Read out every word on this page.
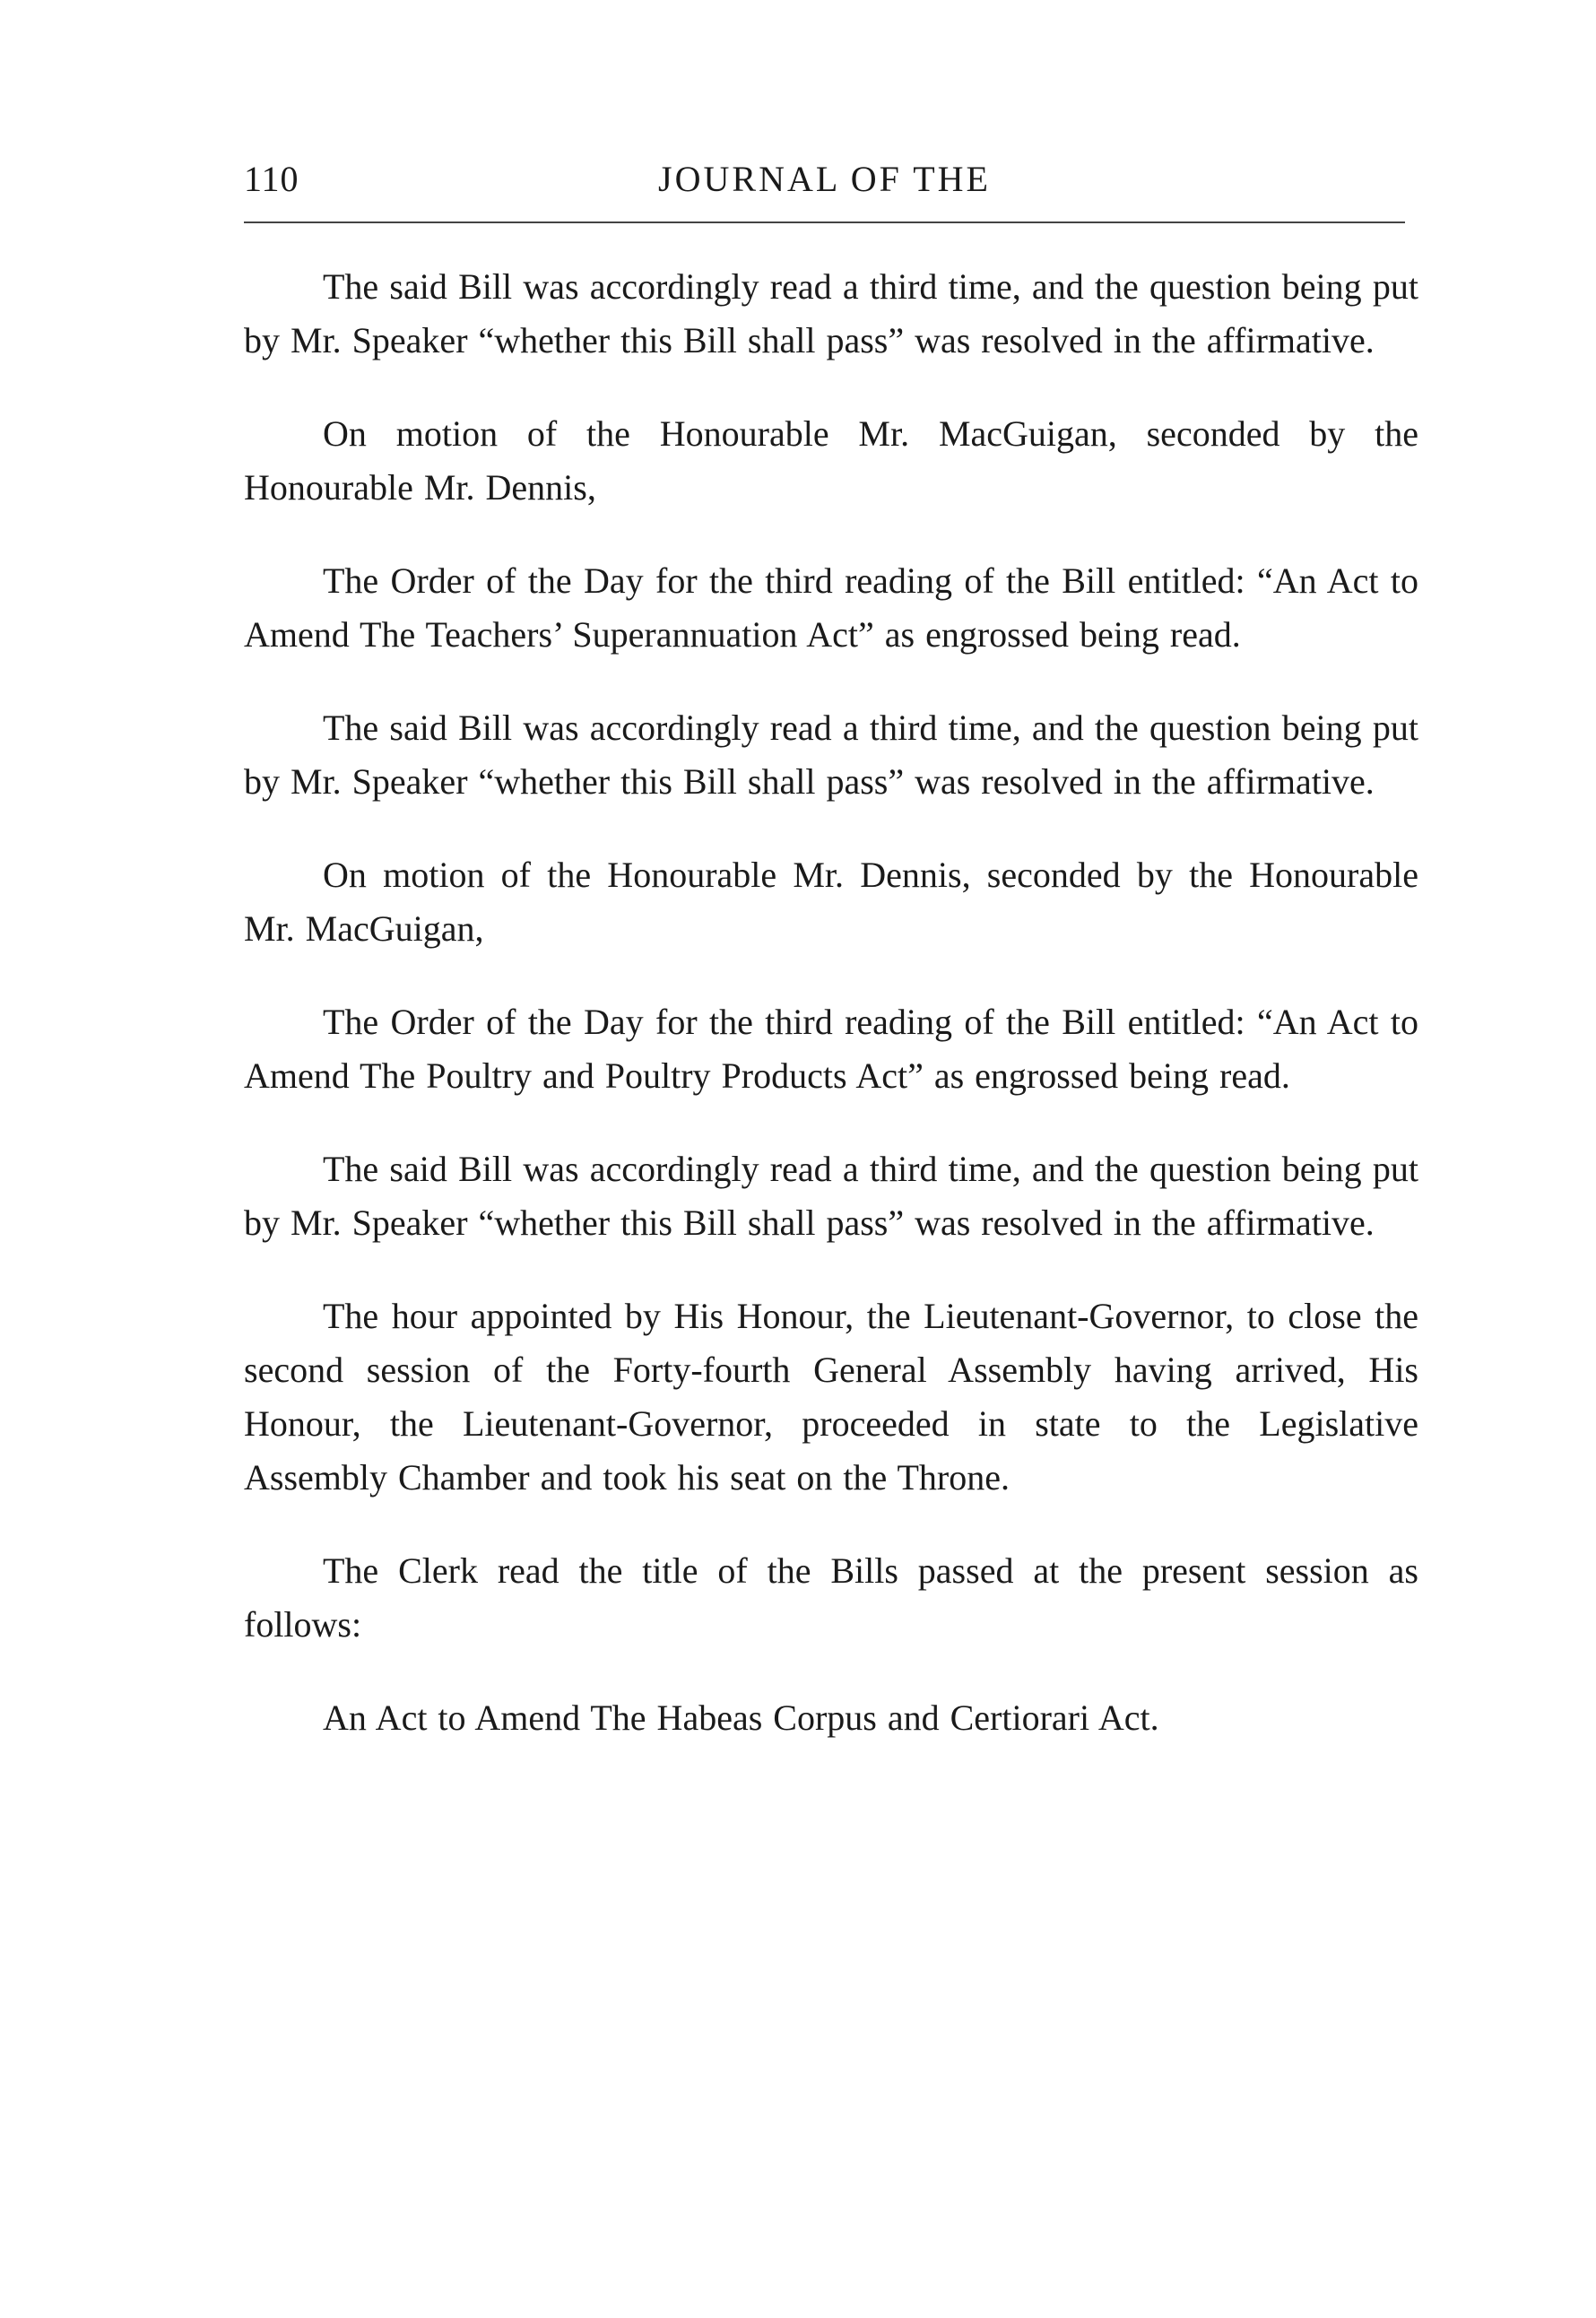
110	JOURNAL OF THE

The said Bill was accordingly read a third time, and the question being put by Mr. Speaker “whether this Bill shall pass” was resolved in the affirmative.

On motion of the Honourable Mr. MacGuigan, seconded by the Honourable Mr. Dennis,

The Order of the Day for the third reading of the Bill entitled: “An Act to Amend The Teachers’ Superannuation Act” as engrossed being read.

The said Bill was accordingly read a third time, and the question being put by Mr. Speaker “whether this Bill shall pass” was resolved in the affirmative.

On motion of the Honourable Mr. Dennis, seconded by the Honourable Mr. MacGuigan,

The Order of the Day for the third reading of the Bill entitled: “An Act to Amend The Poultry and Poultry Products Act” as engrossed being read.

The said Bill was accordingly read a third time, and the question being put by Mr. Speaker “whether this Bill shall pass” was resolved in the affirmative.

The hour appointed by His Honour, the Lieutenant-Governor, to close the second session of the Forty-fourth General Assembly having arrived, His Honour, the Lieutenant-Governor, proceeded in state to the Legislative Assembly Chamber and took his seat on the Throne.

The Clerk read the title of the Bills passed at the present session as follows:

An Act to Amend The Habeas Corpus and Certiorari Act.
